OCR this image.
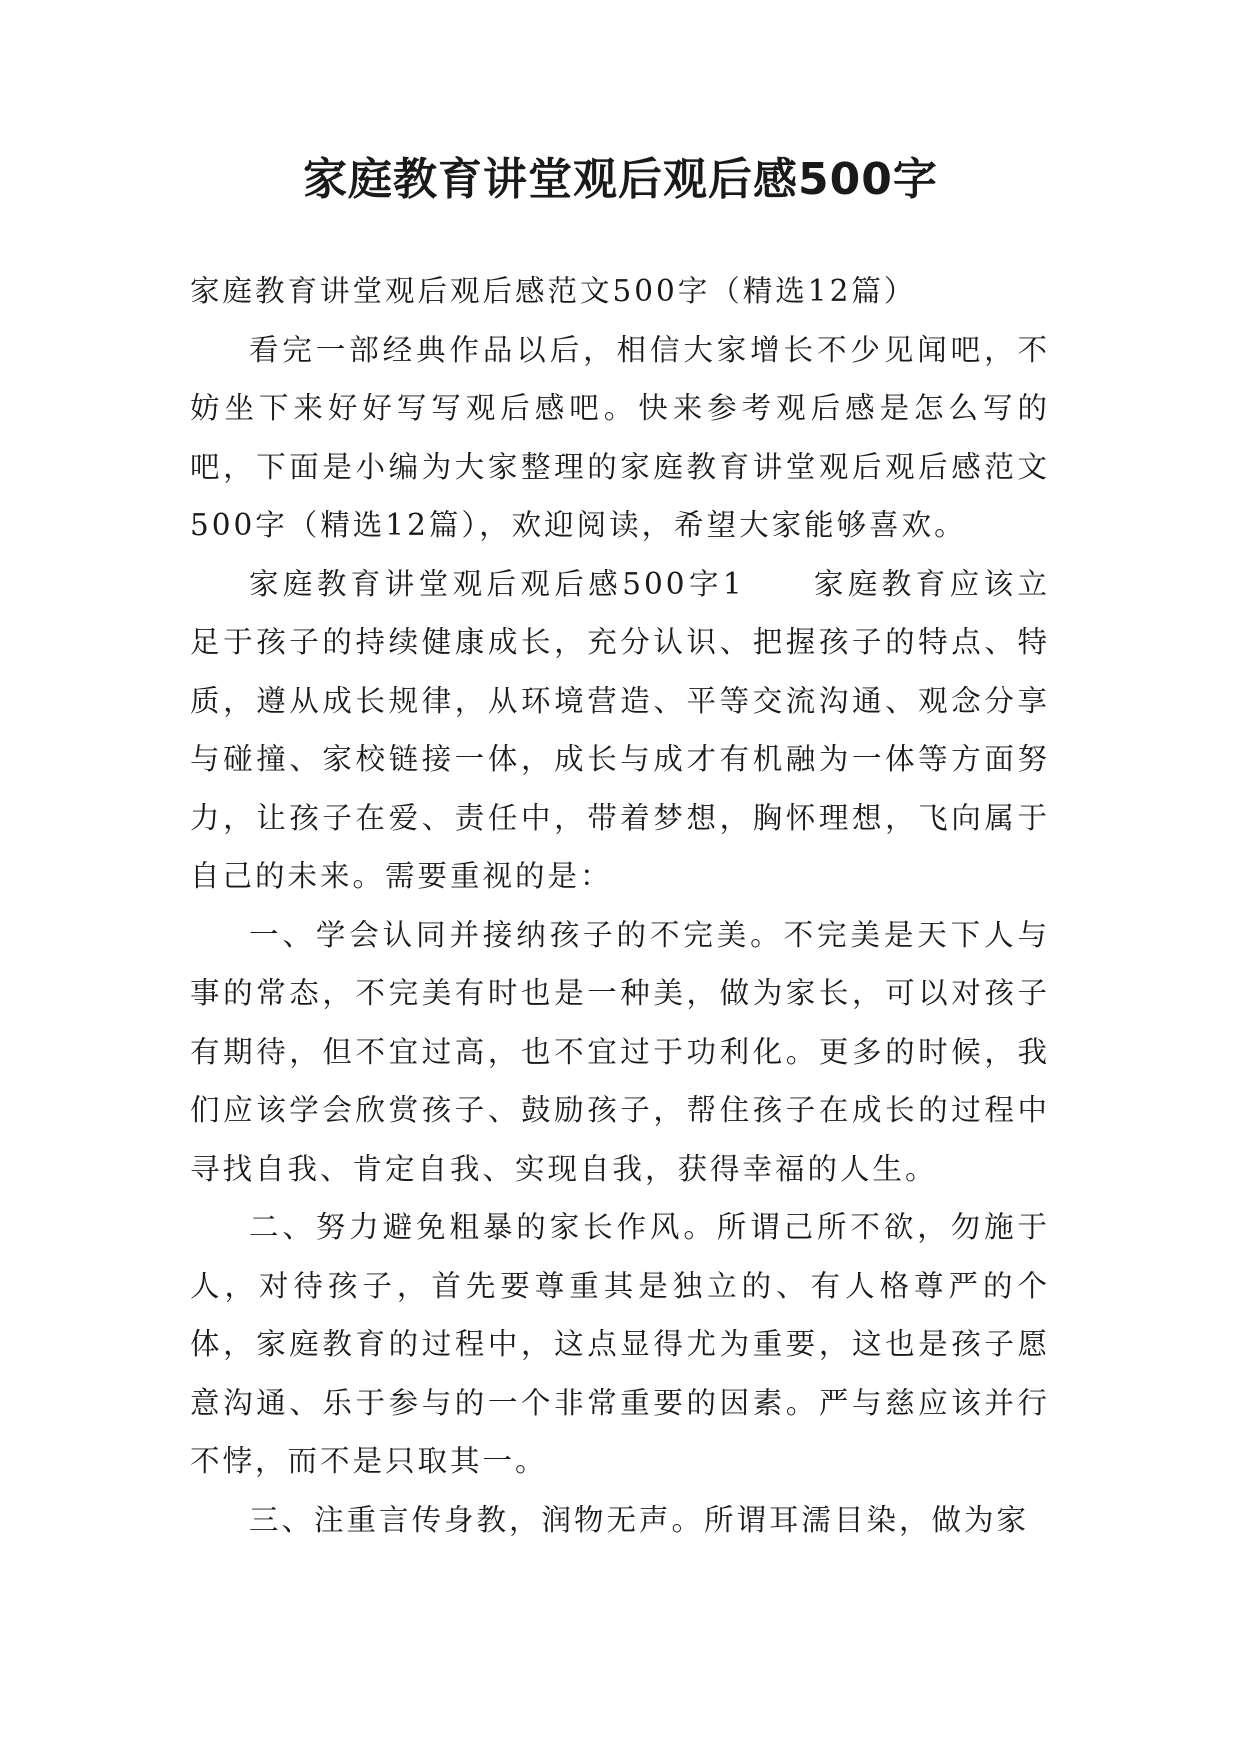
家庭教育讲堂观后观后感500字

家庭教育讲堂观后观后感范文500字（精选12篇）

看完一部经典作品以后，相信大家增长不少见闻吧，不妨坐下来好好写写观后感吧。快来参考观后感是怎么写的吧，下面是小编为大家整理的家庭教育讲堂观后观后感范文500字（精选12篇），欢迎阅读，希望大家能够喜欢。

家庭教育讲堂观后观后感500字1　　家庭教育应该立足于孩子的持续健康成长，充分认识、把握孩子的特点、特质，遵从成长规律，从环境营造、平等交流沟通、观念分享与碰撞、家校链接一体，成长与成才有机融为一体等方面努力，让孩子在爱、责任中，带着梦想，胸怀理想，飞向属于自己的未来。需要重视的是：

一、学会认同并接纳孩子的不完美。不完美是天下人与事的常态，不完美有时也是一种美，做为家长，可以对孩子有期待，但不宜过高，也不宜过于功利化。更多的时候，我们应该学会欣赏孩子、鼓励孩子，帮住孩子在成长的过程中寻找自我、肯定自我、实现自我，获得幸福的人生。

二、努力避免粗暴的家长作风。所谓己所不欲，勿施于人，对待孩子，首先要尊重其是独立的、有人格尊严的个体，家庭教育的过程中，这点显得尤为重要，这也是孩子愿意沟通、乐于参与的一个非常重要的因素。严与慈应该并行不悖，而不是只取其一。

三、注重言传身教，润物无声。所谓耳濡目染，做为家
